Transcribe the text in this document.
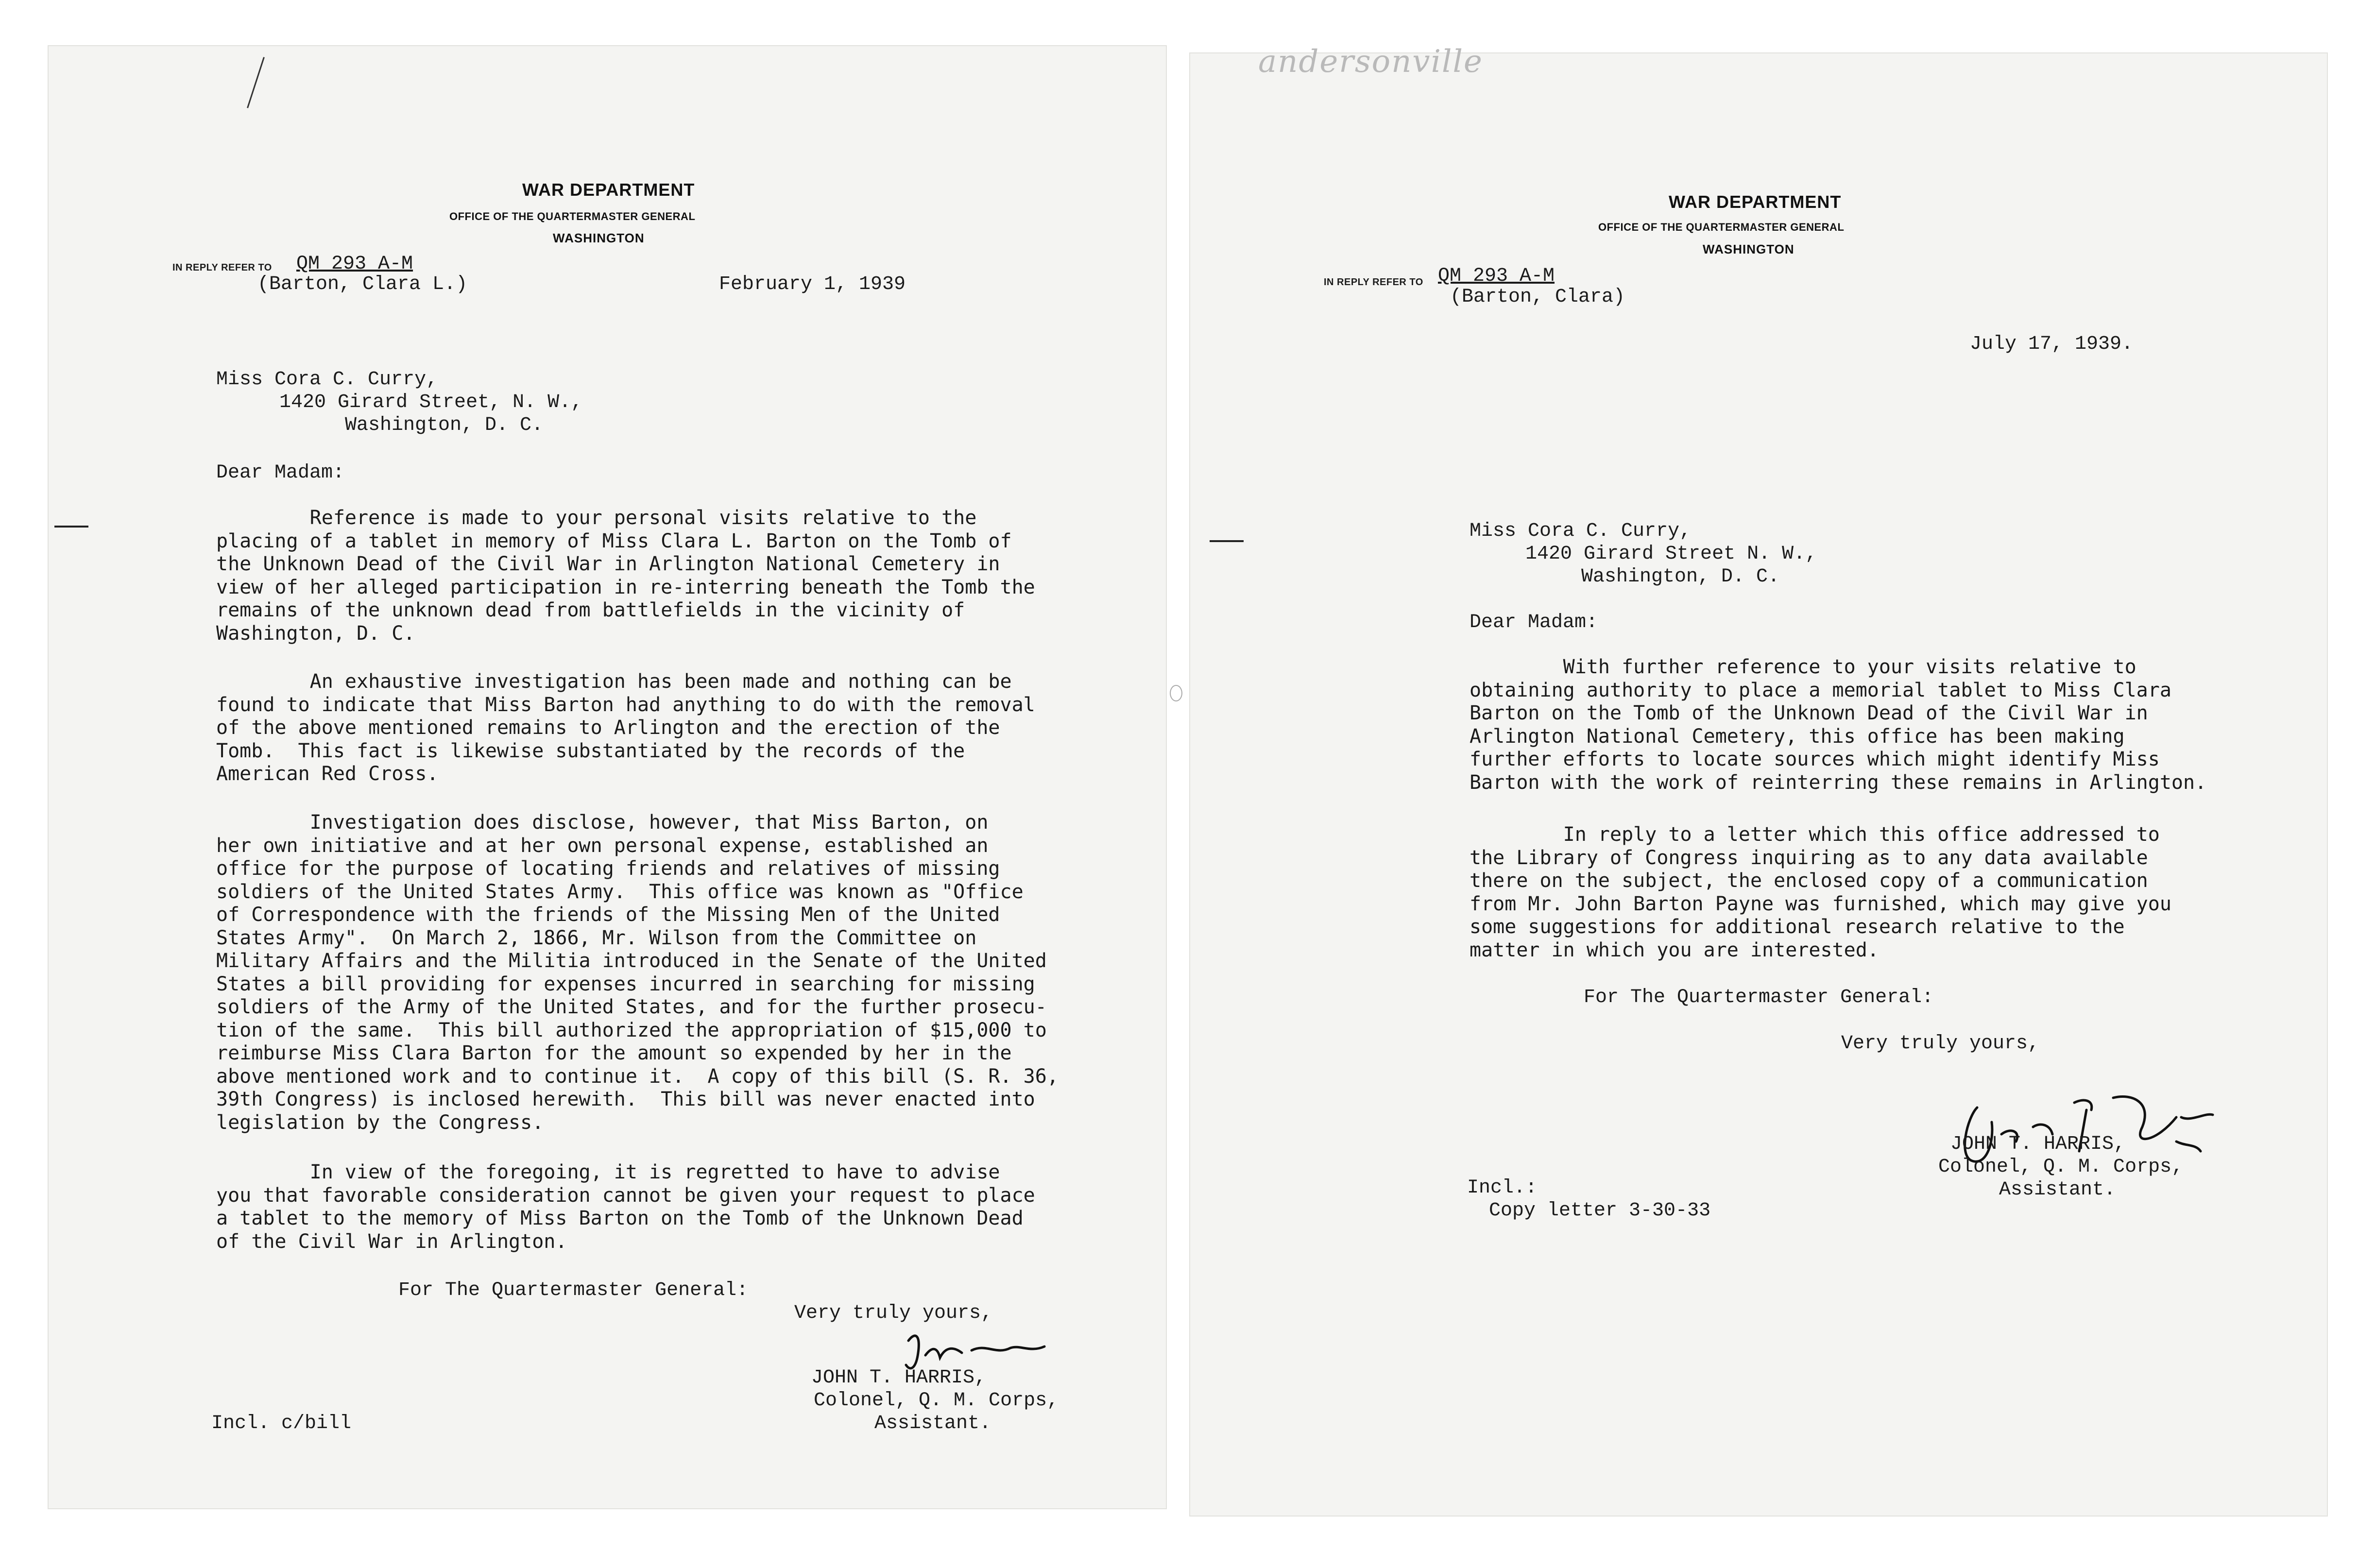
WAR DEPARTMENT
OFFICE OF THE QUARTERMASTER GENERAL
WASHINGTON
IN REPLY REFER TO QM 293 A-M
(Barton, Clara L.)	February 1, 1939
Miss Cora C. Curry,
1420 Girard Street, N. W.,
Washington, D. C.
Dear Madam:
Reference is made to your personal visits relative to the
placing of a tablet in memory of Miss Clara L. Barton on the Tomb of
the Unknown Dead of the Civil War in Arlington National Cemetery in
view of her alleged participation in re-interring beneath the Tomb the
remains of the unknown dead from battlefields in the vicinity of
Washington, D. C.
An exhaustive investigation has been made and nothing can be
found to indicate that Miss Barton had anything to do with the removal
of the above mentioned remains to Arlington and the erection of the
Tomb.  This fact is likewise substantiated by the records of the
American Red Cross.
Investigation does disclose, however, that Miss Barton, on
her own initiative and at her own personal expense, established an
office for the purpose of locating friends and relatives of missing
soldiers of the United States Army.  This office was known as "Office
of Correspondence with the friends of the Missing Men of the United
States Army".  On March 2, 1866, Mr. Wilson from the Committee on
Military Affairs and the Militia introduced in the Senate of the United
States a bill providing for expenses incurred in searching for missing
soldiers of the Army of the United States, and for the further prosecu-
tion of the same.  This bill authorized the appropriation of $15,000 to
reimburse Miss Clara Barton for the amount so expended by her in the
above mentioned work and to continue it.  A copy of this bill (S. R. 36,
39th Congress) is inclosed herewith.  This bill was never enacted into
legislation by the Congress.
In view of the foregoing, it is regretted to have to advise
you that favorable consideration cannot be given your request to place
a tablet to the memory of Miss Barton on the Tomb of the Unknown Dead
of the Civil War in Arlington.
For The Quartermaster General:
Very truly yours,
JOHN T. HARRIS,
Colonel, Q. M. Corps,
Assistant.
Incl. c/bill
andersonville
WAR DEPARTMENT
OFFICE OF THE QUARTERMASTER GENERAL
WASHINGTON
IN REPLY REFER TO QM 293 A-M
(Barton, Clara)
July 17, 1939.
Miss Cora C. Curry,
1420 Girard Street N. W.,
Washington, D. C.
Dear Madam:
With further reference to your visits relative to
obtaining authority to place a memorial tablet to Miss Clara
Barton on the Tomb of the Unknown Dead of the Civil War in
Arlington National Cemetery, this office has been making
further efforts to locate sources which might identify Miss
Barton with the work of reinterring these remains in Arlington.
In reply to a letter which this office addressed to
the Library of Congress inquiring as to any data available
there on the subject, the enclosed copy of a communication
from Mr. John Barton Payne was furnished, which may give you
some suggestions for additional research relative to the
matter in which you are interested.
For The Quartermaster General:
Very truly yours,
JOHN T. HARRIS,
Colonel, Q. M. Corps,
Assistant.
Incl.:
Copy letter 3-30-33
